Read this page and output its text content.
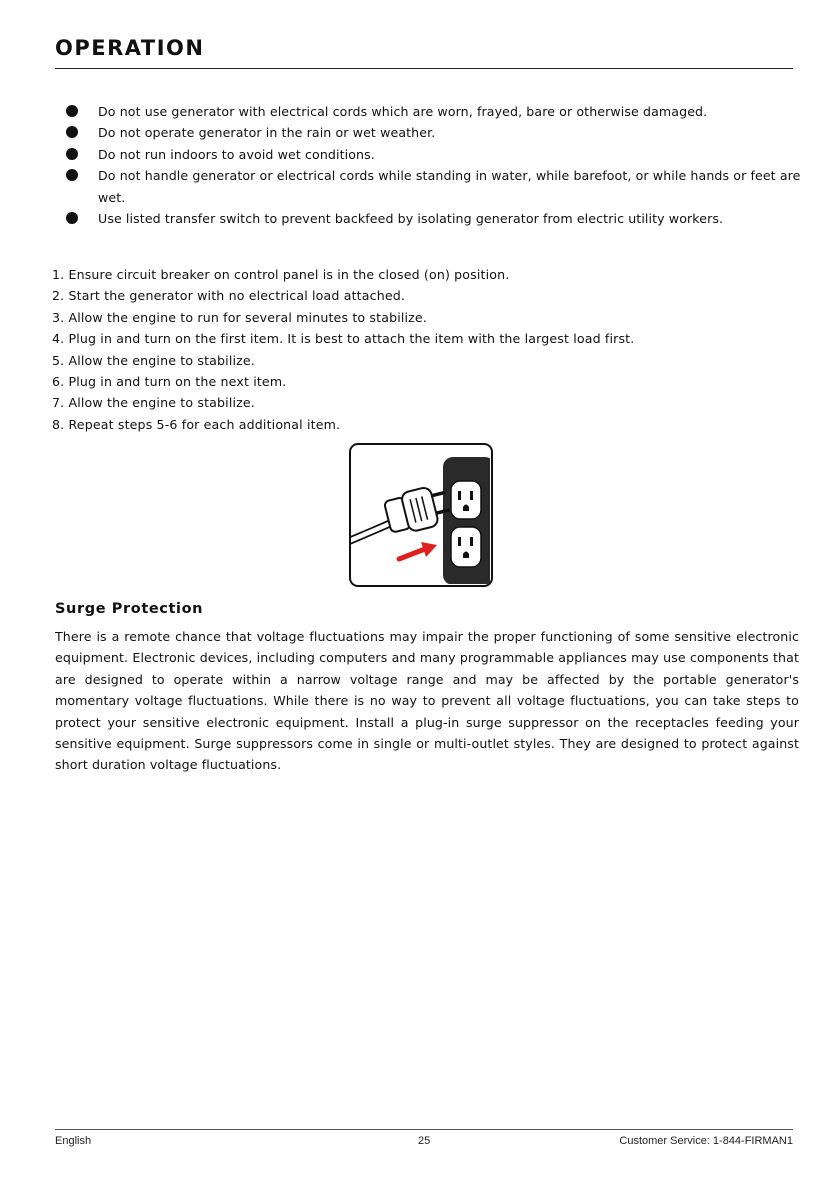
OPERATION
Do not use generator with electrical cords which are worn, frayed, bare or otherwise damaged.
Do not operate generator in the rain or wet weather.
Do not run indoors to avoid wet conditions.
Do not handle generator or electrical cords while standing in water, while barefoot, or while hands or feet are wet.
Use listed transfer switch to prevent backfeed by isolating generator from electric utility workers.
1. Ensure circuit breaker on control panel is in the closed (on) position.
2. Start the generator with no electrical load attached.
3. Allow the engine to run for several minutes to stabilize.
4. Plug in and turn on the first item. It is best to attach the item with the largest load first.
5. Allow the engine to stabilize.
6. Plug in and turn on the next item.
7. Allow the engine to stabilize.
8. Repeat steps 5-6 for each additional item.
Surge Protection

There is a remote chance that voltage fluctuations may impair the proper functioning of some sensitive electronic equipment. Electronic devices, including computers and many programmable appliances may use components that are designed to operate within a narrow voltage range and may be affected by the portable generator's momentary voltage fluctuations. While there is no way to prevent all voltage fluctuations, you can take steps to protect your sensitive electronic equipment. Install a plug-in surge suppressor on the receptacles feeding your sensitive equipment. Surge suppressors come in single or multi-outlet styles. They are designed to protect against short duration voltage fluctuations.

English	25	Customer Service: 1-844-FIRMAN1
